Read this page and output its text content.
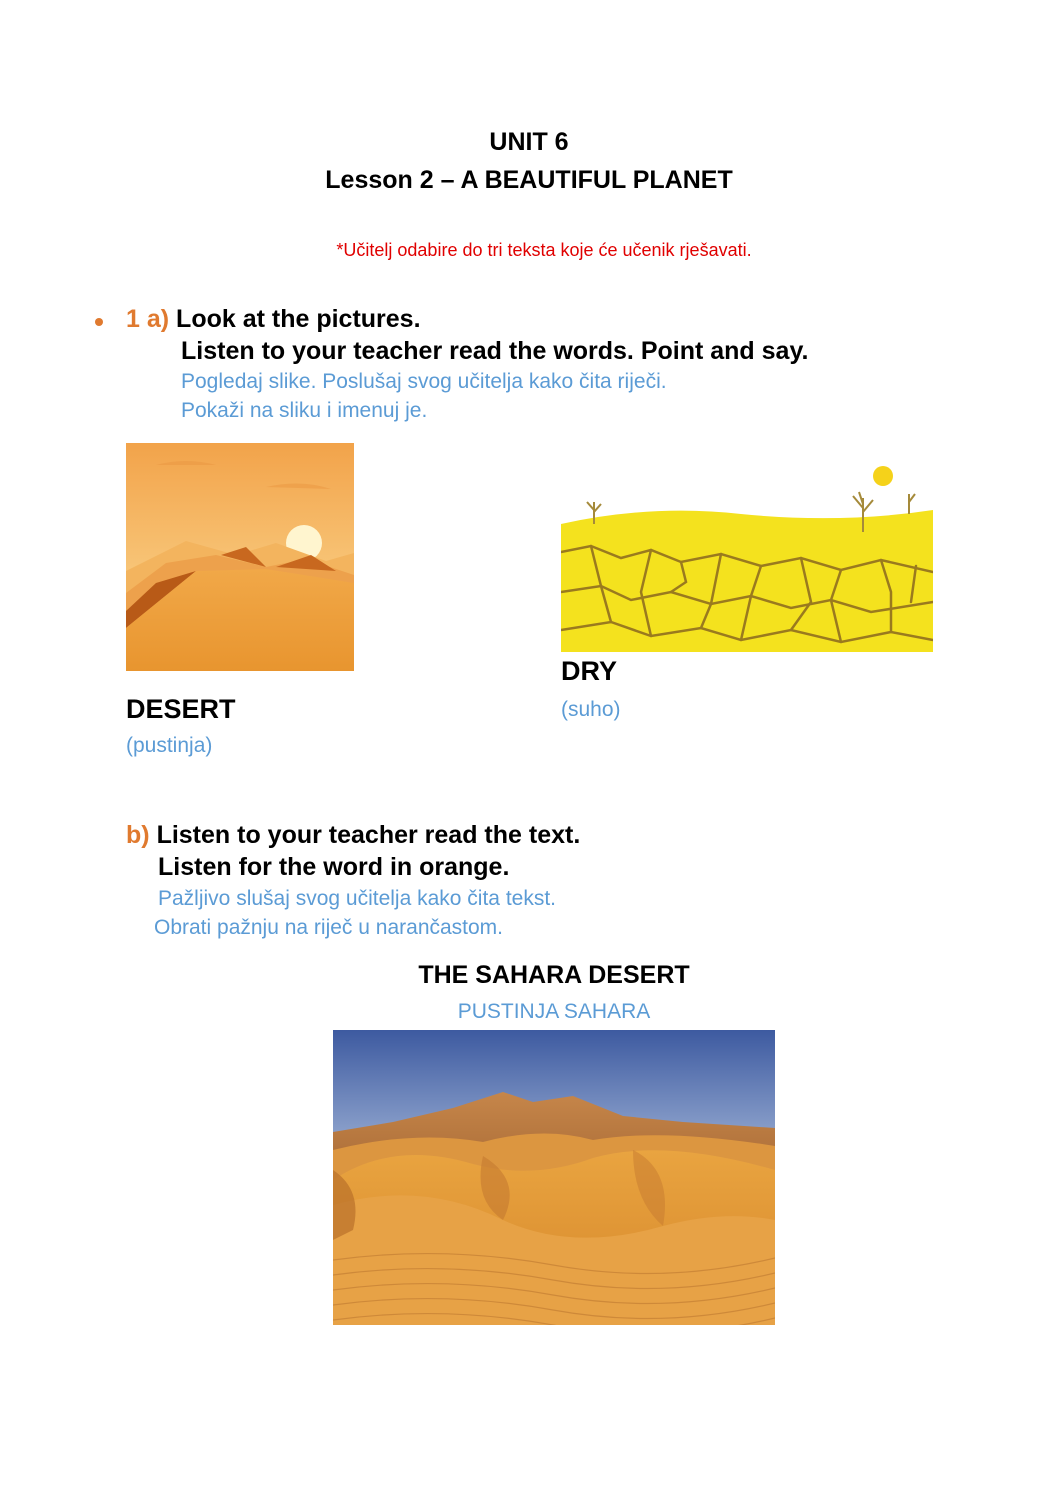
UNIT 6
Lesson 2 – A BEAUTIFUL PLANET
*Učitelj odabire do tri teksta koje će učenik rješavati.
1 a) Look at the pictures.
Listen to your teacher read the words. Point and say.
Pogledaj slike. Poslušaj svog učitelja kako čita riječi.
Pokaži na sliku i imenuj je.
DRY
(suho)
DESERT
(pustinja)
b) Listen to your teacher read the text.
Listen for the word in orange.
Pažljivo slušaj svog učitelja kako čita tekst.
Obrati pažnju na riječ u narančastom.
THE SAHARA DESERT
PUSTINJA SAHARA
